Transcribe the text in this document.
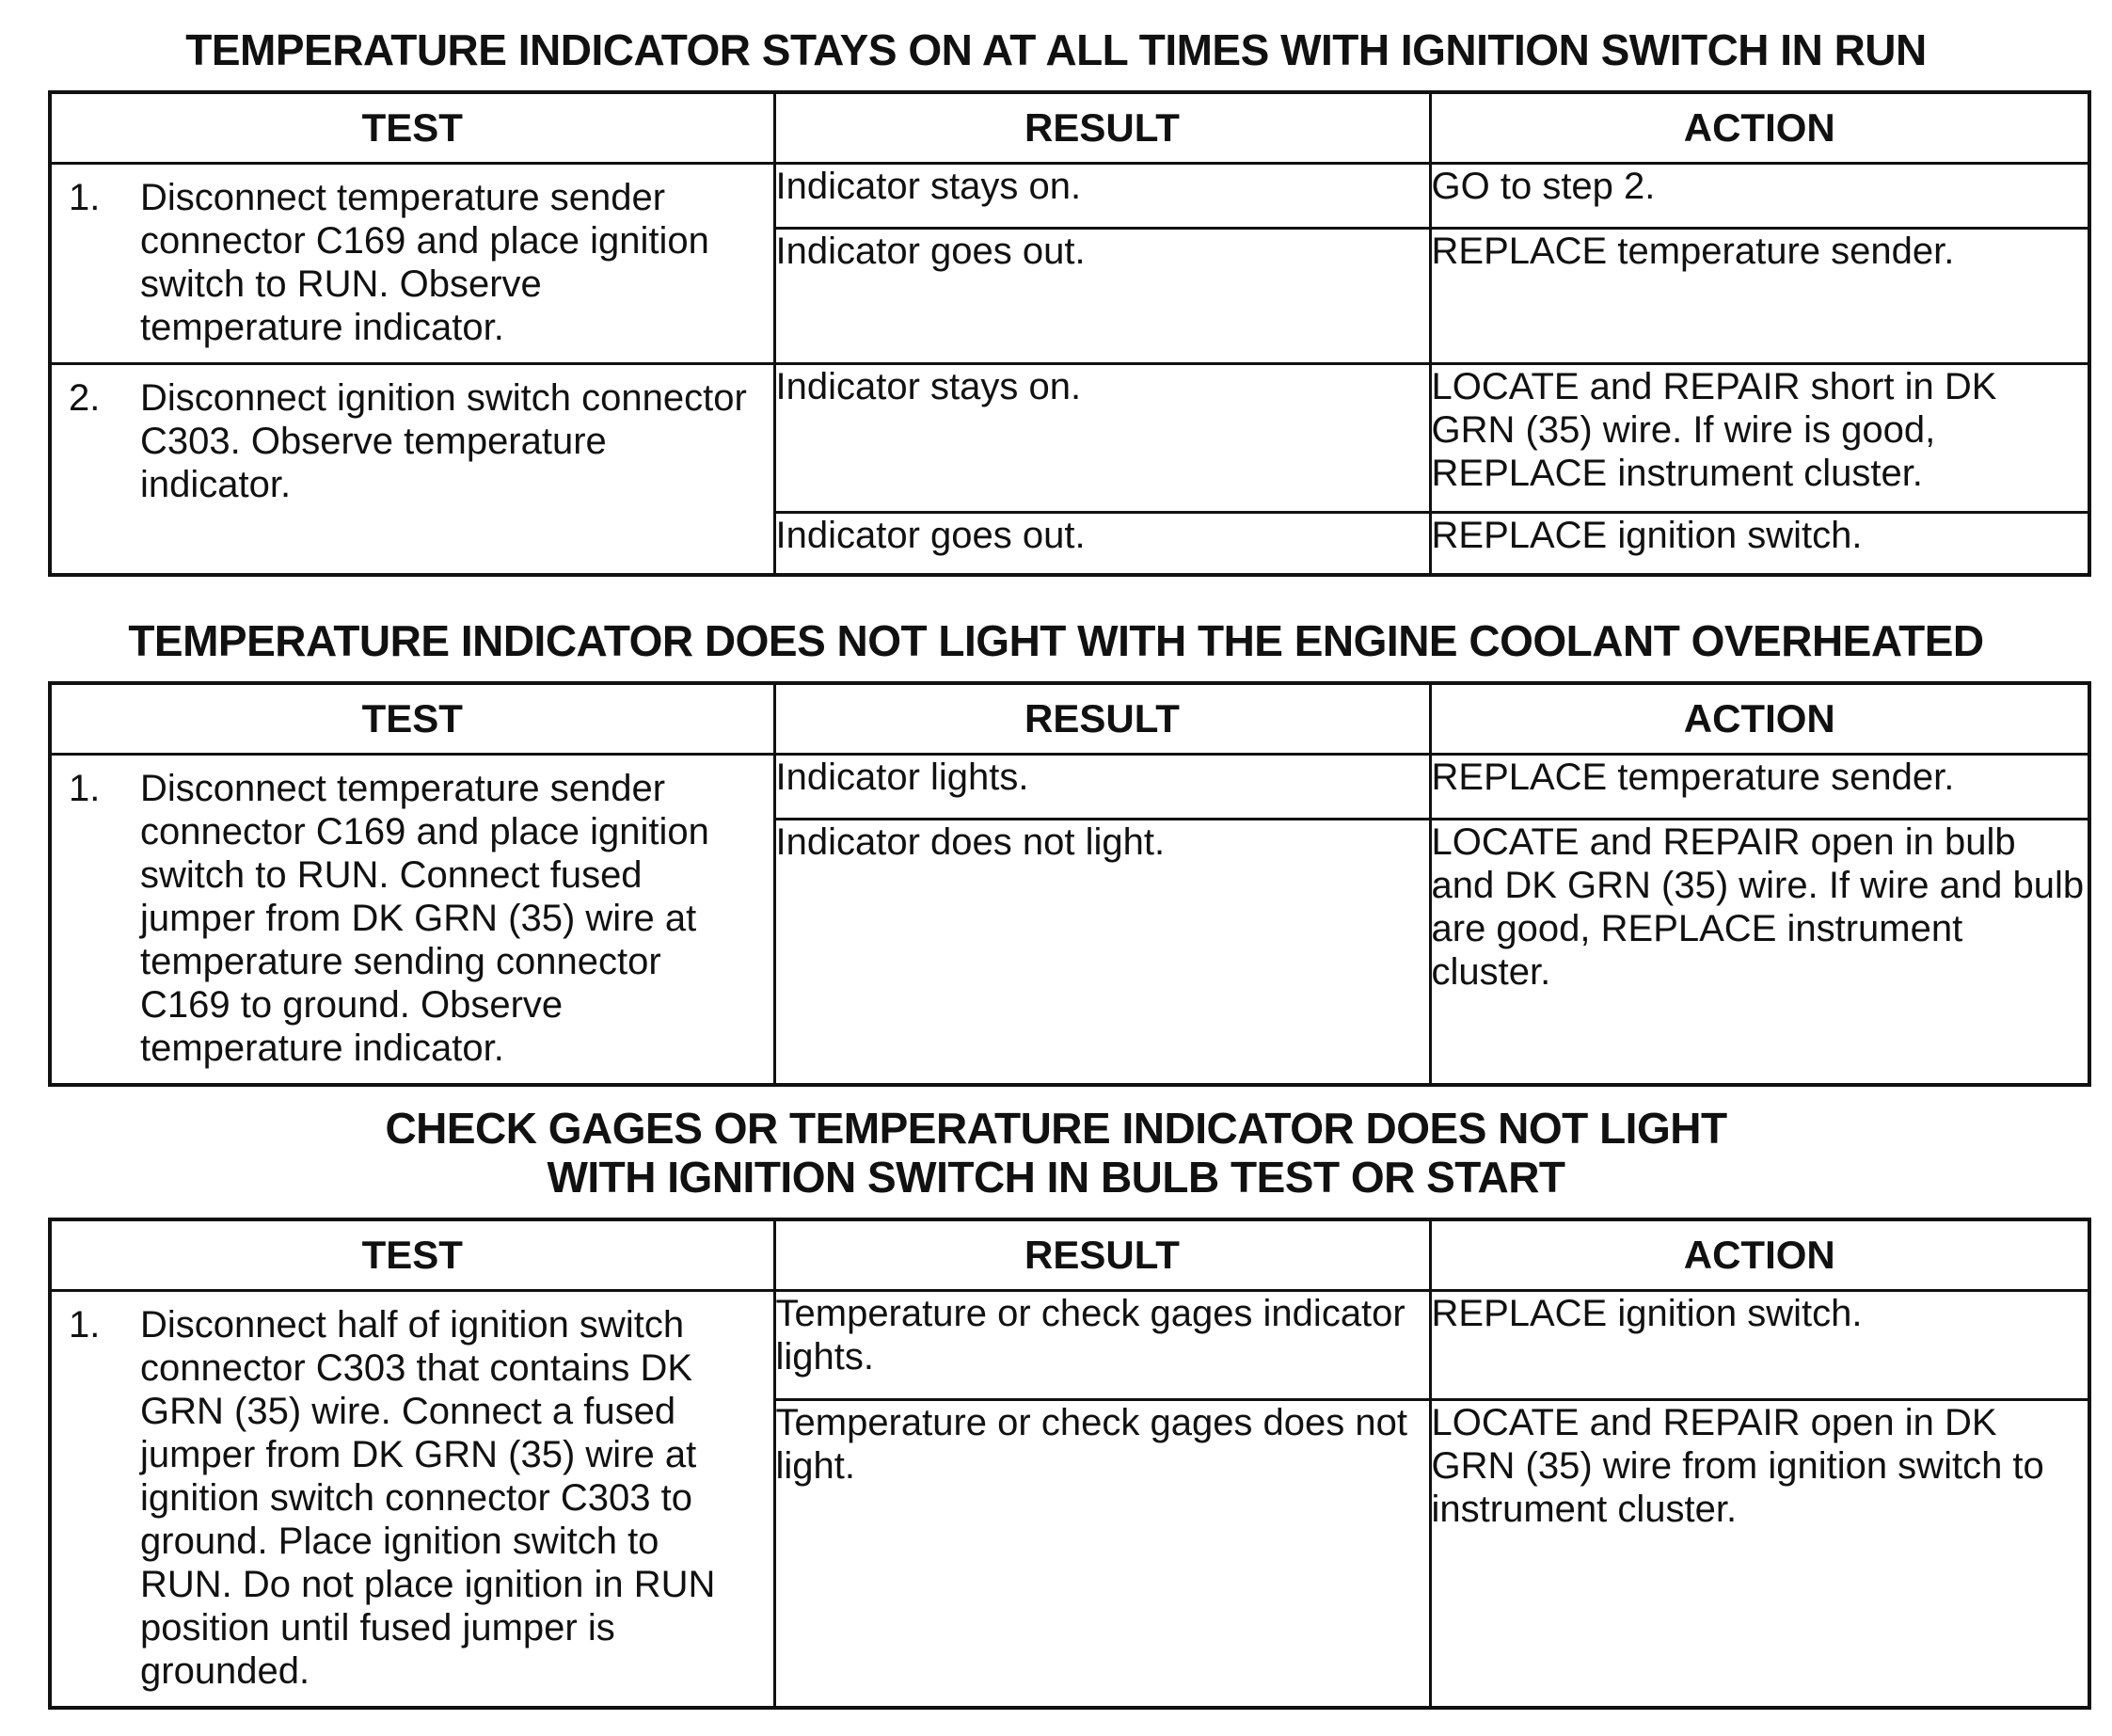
TEMPERATURE INDICATOR STAYS ON AT ALL TIMES WITH IGNITION SWITCH IN RUN
TEST	RESULT	ACTION

1. Disconnect temperature sender connector C169 and place ignition switch to RUN. Observe temperature indicator.	Indicator stays on.	GO to step 2.
	Indicator goes out.	REPLACE temperature sender.

2. Disconnect ignition switch connector C303. Observe temperature indicator.	Indicator stays on.	LOCATE and REPAIR short in DK GRN (35) wire. If wire is good, REPLACE instrument cluster.
	Indicator goes out.	REPLACE ignition switch.
TEMPERATURE INDICATOR DOES NOT LIGHT WITH THE ENGINE COOLANT OVERHEATED
TEST	RESULT	ACTION

1. Disconnect temperature sender connector C169 and place ignition switch to RUN. Connect fused jumper from DK GRN (35) wire at temperature sending connector C169 to ground. Observe temperature indicator.	Indicator lights.	REPLACE temperature sender.
	Indicator does not light.	LOCATE and REPAIR open in bulb and DK GRN (35) wire. If wire and bulb are good, REPLACE instrument cluster.
CHECK GAGES OR TEMPERATURE INDICATOR DOES NOT LIGHT
WITH IGNITION SWITCH IN BULB TEST OR START
TEST	RESULT	ACTION

1. Disconnect half of ignition switch connector C303 that contains DK GRN (35) wire. Connect a fused jumper from DK GRN (35) wire at ignition switch connector C303 to ground. Place ignition switch to RUN. Do not place ignition in RUN position until fused jumper is grounded.	Temperature or check gages indicator lights.	REPLACE ignition switch.
	Temperature or check gages does not light.	LOCATE and REPAIR open in DK GRN (35) wire from ignition switch to instrument cluster.
